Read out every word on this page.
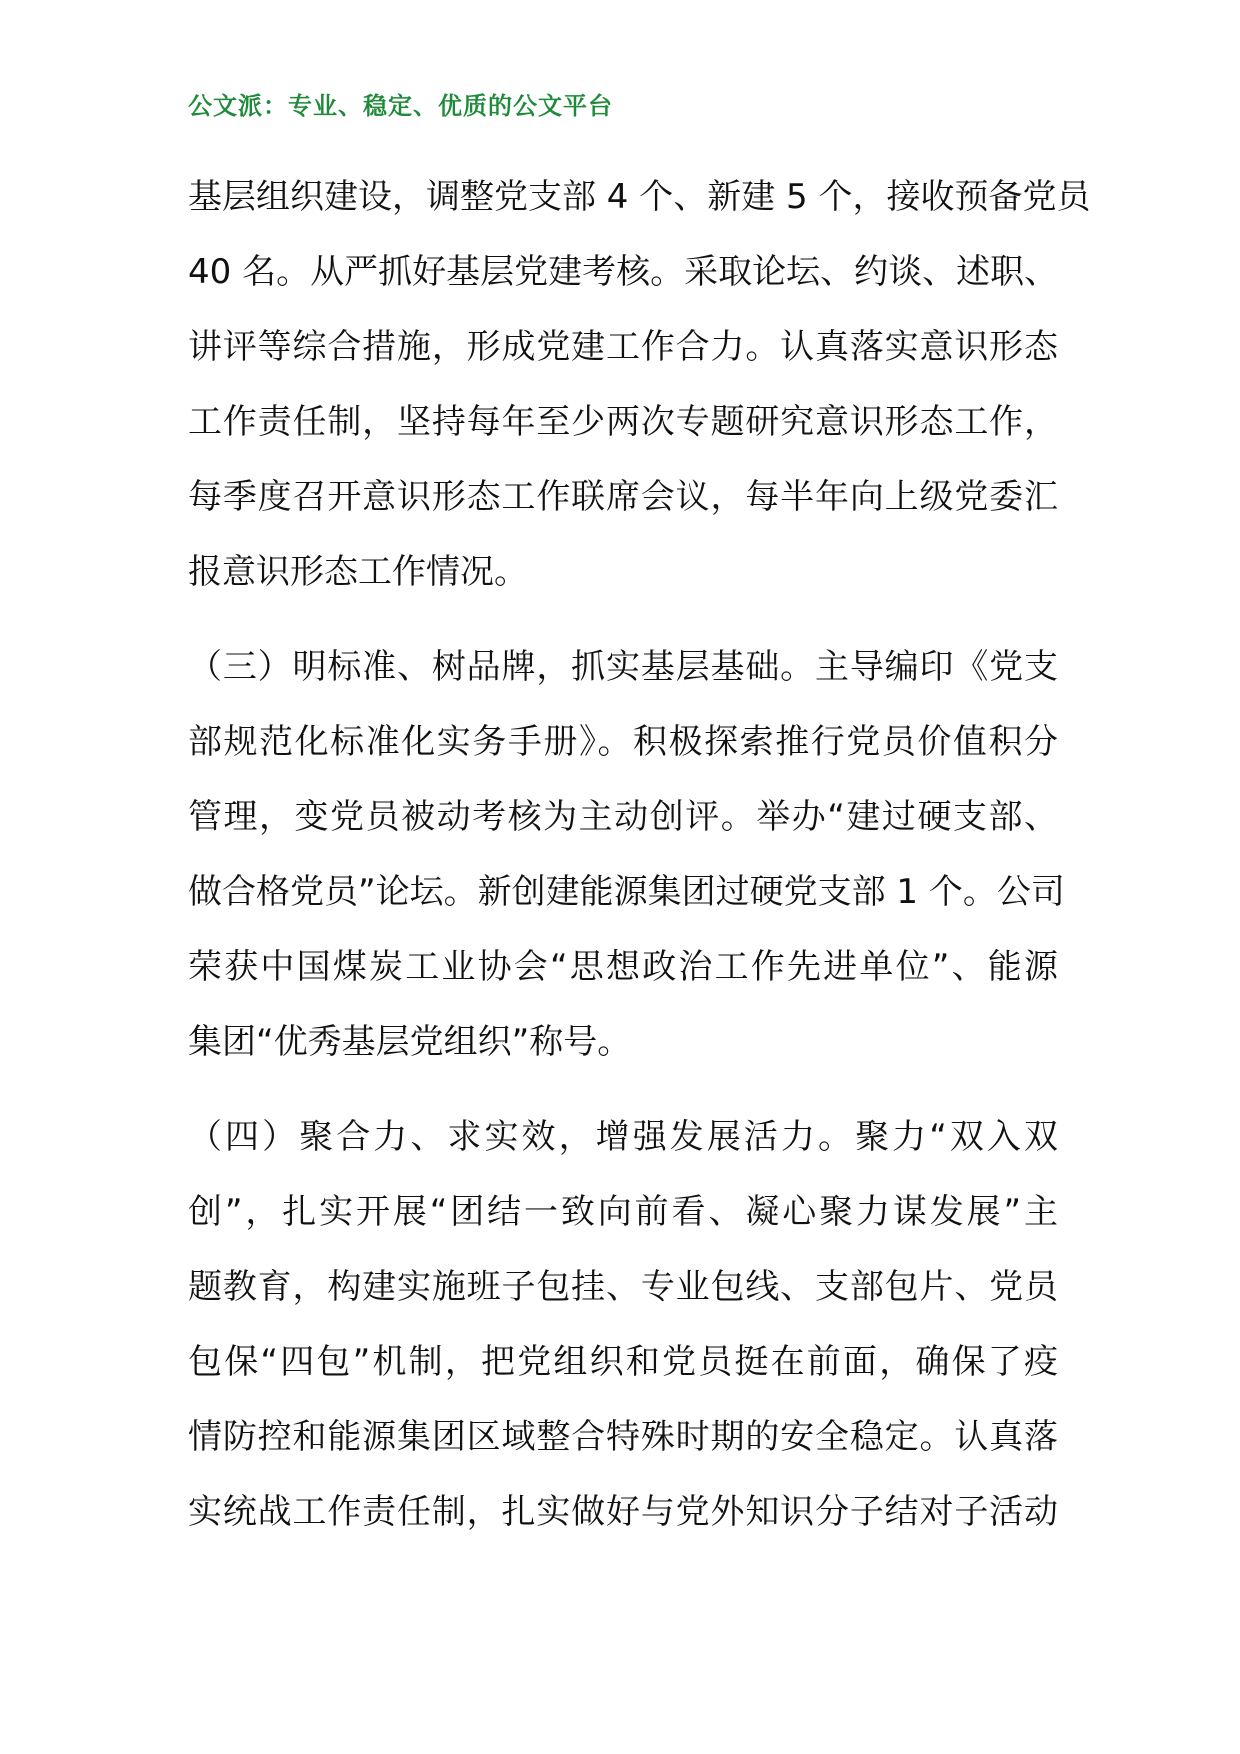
公文派：专业、稳定、优质的公文平台
基层组织建设，调整党支部 4 个、新建 5 个，接收预备党员
40 名。从严抓好基层党建考核。采取论坛、约谈、述职、
讲评等综合措施，形成党建工作合力。认真落实意识形态
工作责任制，坚持每年至少两次专题研究意识形态工作，
每季度召开意识形态工作联席会议，每半年向上级党委汇
报意识形态工作情况。
（三）明标准、树品牌，抓实基层基础。主导编印《党支
部规范化标准化实务手册》。积极探索推行党员价值积分
管理，变党员被动考核为主动创评。举办“建过硬支部、
做合格党员”论坛。新创建能源集团过硬党支部 1 个。公司
荣获中国煤炭工业协会“思想政治工作先进单位”、能源
集团“优秀基层党组织”称号。
（四）聚合力、求实效，增强发展活力。聚力“双入双
创”，扎实开展“团结一致向前看、凝心聚力谋发展”主
题教育，构建实施班子包挂、专业包线、支部包片、党员
包保“四包”机制，把党组织和党员挺在前面，确保了疫
情防控和能源集团区域整合特殊时期的安全稳定。认真落
实统战工作责任制，扎实做好与党外知识分子结对子活动
